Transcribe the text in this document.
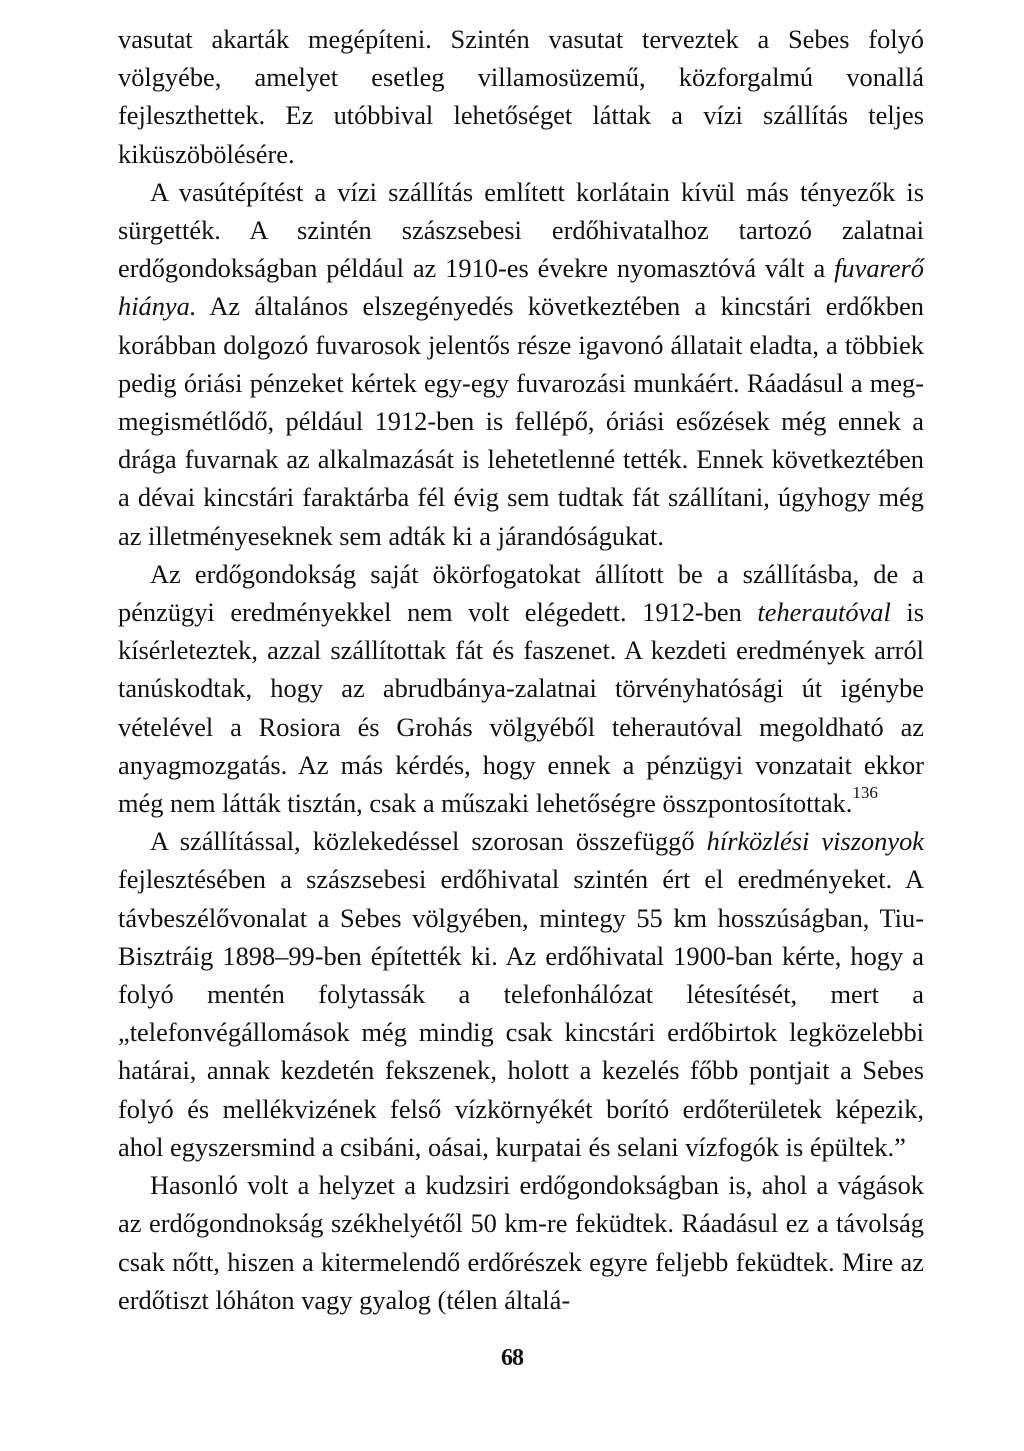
vasutat akarták megépíteni. Szintén vasutat terveztek a Sebes folyó völgyébe, amelyet esetleg villamosüzemű, közforgalmú vonallá fejleszthettek. Ez utóbbival lehetőséget láttak a vízi szállítás teljes kiküszöbölésére.

A vasútépítést a vízi szállítás említett korlátain kívül más tényezők is sürgették. A szintén szászsebesi erdőhivatalhoz tartozó zalatnai erdőgondokságban például az 1910-es évekre nyomasztóvá vált a fuvarerő hiánya. Az általános elszegényedés következtében a kincstári erdőkben korábban dolgozó fuvarosok jelentős része igavonó állatait eladta, a többiek pedig óriási pénzeket kértek egy-egy fuvarozási munkáért. Ráadásul a meg-megismétlődő, például 1912-ben is fellépő, óriási esőzések még ennek a drága fuvarnak az alkalmazását is lehetetlenné tették. Ennek következtében a dévai kincstári faraktárba fél évig sem tudtak fát szállítani, úgyhogy még az illetményeseknek sem adták ki a járandóságukat.

Az erdőgondokság saját ökörfogatokat állított be a szállításba, de a pénzügyi eredményekkel nem volt elégedett. 1912-ben teherautóval is kísérleteztek, azzal szállítottak fát és faszenet. A kezdeti eredmények arról tanúskodtak, hogy az abrudbánya-zalatnai törvényhatósági út igénybe vételével a Rosiora és Grohás völgyéből teherautóval megoldható az anyagmozgatás. Az más kérdés, hogy ennek a pénzügyi vonzatait ekkor még nem látták tisztán, csak a műszaki lehetőségre összpontosítottak.$^{136}$

A szállítással, közlekedéssel szorosan összefüggő hírközlési viszonyok fejlesztésében a szászsebesi erdőhivatal szintén ért el eredményeket. A távbeszélővonalat a Sebes völgyében, mintegy 55 km hosszúságban, Tiu-Bisztráig 1898–99-ben építették ki. Az erdőhivatal 1900-ban kérte, hogy a folyó mentén folytassák a telefonhálózat létesítését, mert a „telefonvégállomások még mindig csak kincstári erdőbirtok legközelebbi határai, annak kezdetén fekszenek, holott a kezelés főbb pontjait a Sebes folyó és mellékvizének felső vízkörnyékét borító erdőterületek képezik, ahol egyszersmind a csibáni, oásai, kurpatai és selani vízfogók is épültek.”

Hasonló volt a helyzet a kudzsiri erdőgondokságban is, ahol a vágások az erdőgondnokság székhelyétől 50 km-re feküdtek. Ráadásul ez a távolság csak nőtt, hiszen a kitermelendő erdőrészek egyre feljebb feküdtek. Mire az erdőtiszt lóháton vagy gyalog (télen általá-

68
